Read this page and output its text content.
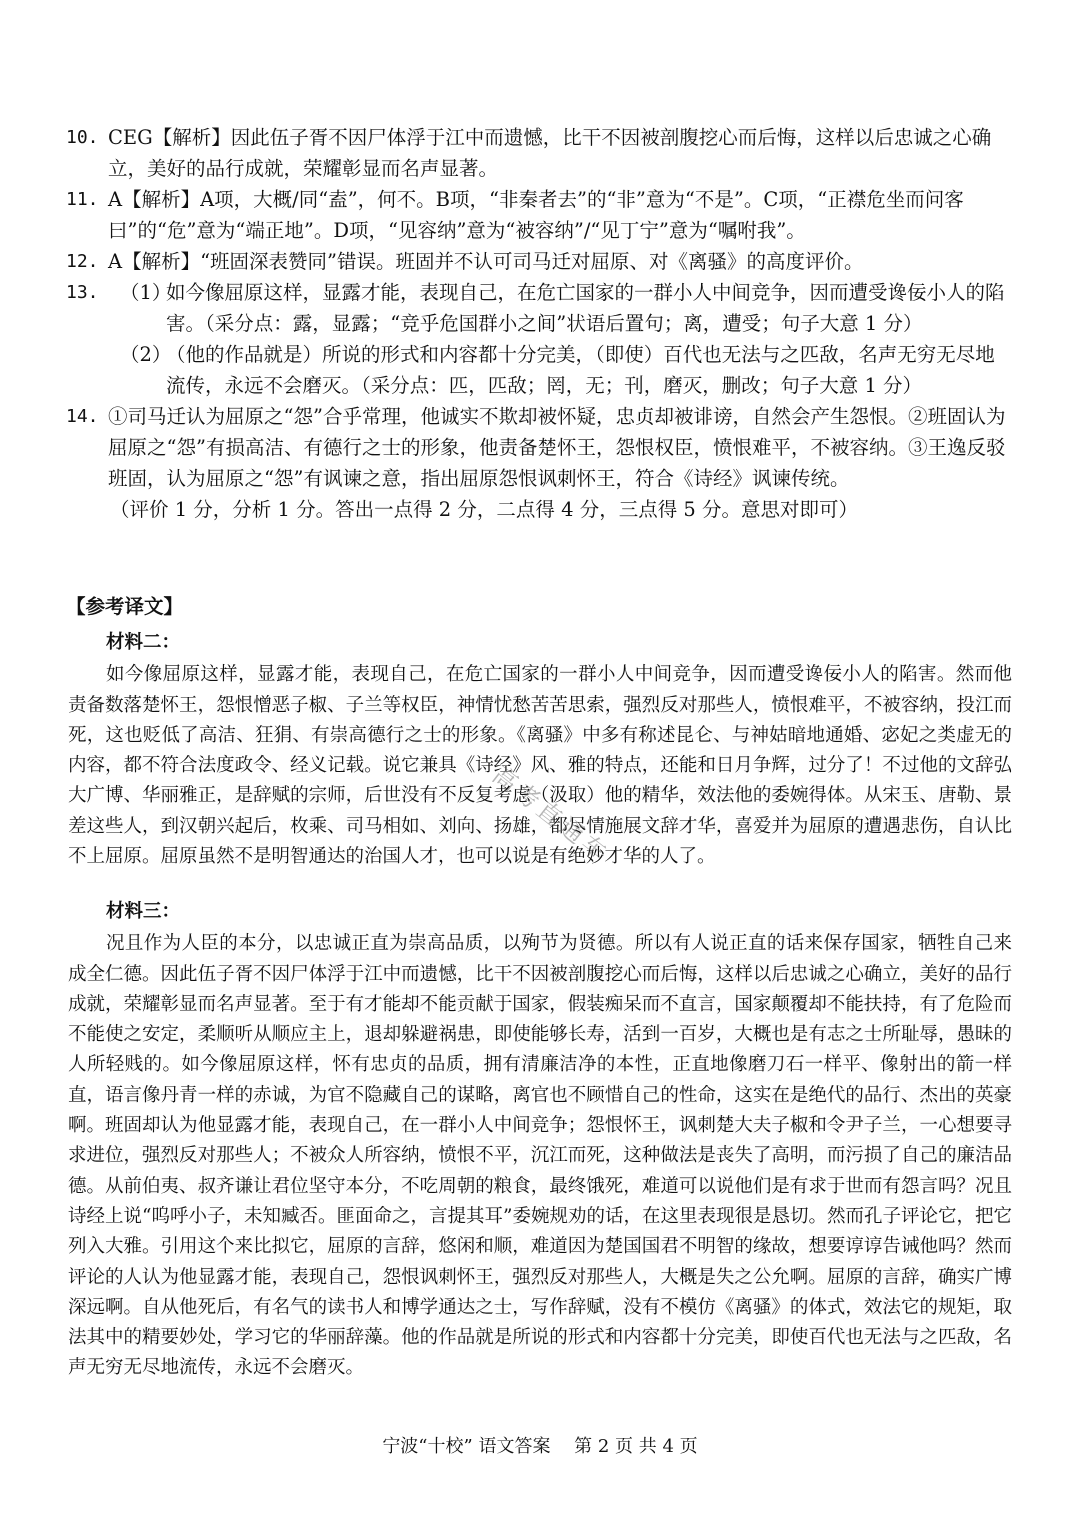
10. CEG【解析】因此伍子胥不因尸体浮于江中而遗憾，比干不因被剖腹挖心而后悔，这样以后忠诚之心确立，美好的品行成就，荣耀彰显而名声显著。
11. A【解析】A项，大概/同“盍”，何不。B项，“非秦者去”的“非”意为“不是”。C项，“正襟危坐而问客曰”的“危”意为“端正地”。D项，“见容纳”意为“被容纳”/“见丁宁”意为“嘱咐我”。
12. A【解析】“班固深表赞同”错误。班固并不认可司马迁对屈原、对《离骚》的高度评价。
13. （1）
如今像屈原这样，显露才能，表现自己，在危亡国家的一群小人中间竞争，因而遭受谗佞小人的陷害。（采分点：露，显露；“竞乎危国群小之间”状语后置句；离，遭受；句子大意 1 分）
（2）
（他的作品就是）所说的形式和内容都十分完美，（即使）百代也无法与之匹敌，名声无穷无尽地流传，永远不会磨灭。（采分点：匹，匹敌；罔，无；刊，磨灭，删改；句子大意 1 分）
14. ①司马迁认为屈原之“怨”合乎常理，他诚实不欺却被怀疑，忠贞却被诽谤，自然会产生怨恨。②班固认为屈原之“怨”有损高洁、有德行之士的形象，他责备楚怀王，怨恨权臣，愤恨难平，不被容纳。③王逸反驳班固，认为屈原之“怨”有讽谏之意，指出屈原怨恨讽刺怀王，符合《诗经》讽谏传统。
（评价 1 分，分析 1 分。答出一点得 2 分，二点得 4 分，三点得 5 分。意思对即可）
【参考译文】
材料二：

如今像屈原这样，显露才能，表现自己，在危亡国家的一群小人中间竞争，因而遭受谗佞小人的陷害。然而他责备数落楚怀王，怨恨憎恶子椒、子兰等权臣，神情忧愁苦苦思索，强烈反对那些人，愤恨难平，不被容纳，投江而死，这也贬低了高洁、狂狷、有崇高德行之士的形象。《离骚》中多有称述昆仑、与神姑暗地通婚、宓妃之类虚无的内容，都不符合法度政令、经义记载。说它兼具《诗经》风、雅的特点，还能和日月争辉，过分了！不过他的文辞弘大广博、华丽雅正，是辞赋的宗师，后世没有不反复考虑（汲取）他的精华，效法他的委婉得体。从宋玉、唐勒、景差这些人，到汉朝兴起后，枚乘、司马相如、刘向、扬雄，都尽情施展文辞才华，喜爱并为屈原的遭遇悲伤，自认比不上屈原。屈原虽然不是明智通达的治国人才，也可以说是有绝妙才华的人了。

材料三：

况且作为人臣的本分，以忠诚正直为崇高品质，以殉节为贤德。所以有人说正直的话来保存国家，牺牲自己来成全仁德。因此伍子胥不因尸体浮于江中而遗憾，比干不因被剖腹挖心而后悔，这样以后忠诚之心确立，美好的品行成就，荣耀彰显而名声显著。至于有才能却不能贡献于国家，假装痴呆而不直言，国家颠覆却不能扶持，有了危险而不能使之安定，柔顺听从顺应主上，退却躲避祸患，即使能够长寿，活到一百岁，大概也是有志之士所耻辱，愚昧的人所轻贱的。如今像屈原这样，怀有忠贞的品质，拥有清廉洁净的本性，正直地像磨刀石一样平、像射出的箭一样直，语言像丹青一样的赤诚，为官不隐藏自己的谋略，离官也不顾惜自己的性命，这实在是绝代的品行、杰出的英豪啊。班固却认为他显露才能，表现自己，在一群小人中间竞争；怨恨怀王，讽刺楚大夫子椒和令尹子兰，一心想要寻求进位，强烈反对那些人；不被众人所容纳，愤恨不平，沉江而死，这种做法是丧失了高明，而污损了自己的廉洁品德。从前伯夷、叔齐谦让君位坚守本分，不吃周朝的粮食，最终饿死，难道可以说他们是有求于世而有怨言吗？况且诗经上说“呜呼小子，未知臧否。匪面命之，言提其耳”委婉规劝的话，在这里表现很是恳切。然而孔子评论它，把它列入大雅。引用这个来比拟它，屈原的言辞，悠闲和顺，难道因为楚国国君不明智的缘故，想要谆谆告诫他吗？然而评论的人认为他显露才能，表现自己，怨恨讽刺怀王，强烈反对那些人，大概是失之公允啊。屈原的言辞，确实广博深远啊。自从他死后，有名气的读书人和博学通达之士，写作辞赋，没有不模仿《离骚》的体式，效法它的规矩，取法其中的精要妙处，学习它的华丽辞藻。他的作品就是所说的形式和内容都十分完美，即使百代也无法与之匹敌，名声无穷无尽地流传，永远不会磨灭。

高考直通车
宁波“十校” 语文答案　 第 2 页 共 4 页
